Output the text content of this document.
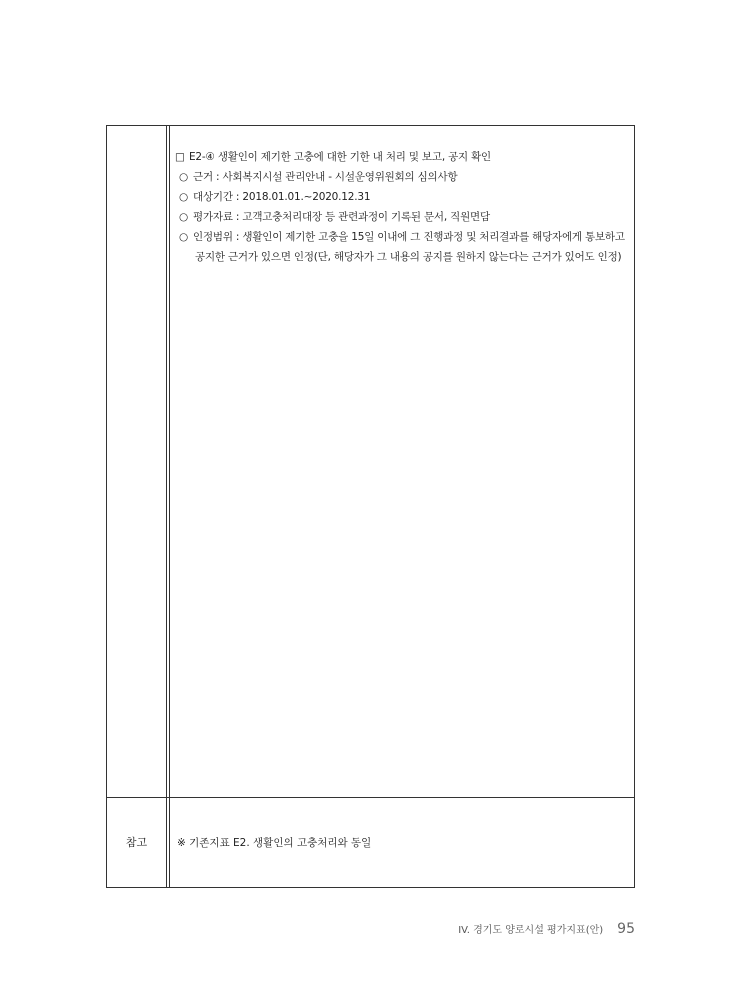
□ E2-④ 생활인이 제기한 고충에 대한 기한 내 처리 및 보고, 공지 확인
○ 근거 : 사회복지시설 관리안내 - 시설운영위원회의 심의사항
○ 대상기간 : 2018.01.01.~2020.12.31
○ 평가자료 : 고객고충처리대장 등 관련과정이 기록된 문서, 직원면담
○ 인정범위 : 생활인이 제기한 고충을 15일 이내에 그 진행과정 및 처리결과를 해당자에게 통보하고
공지한 근거가 있으면 인정(단, 해당자가 그 내용의 공지를 원하지 않는다는 근거가 있어도 인정)
참고	※ 기존지표 E2. 생활인의 고충처리와 동일
IV. 경기도 양로시설 평가지표(안) 95
